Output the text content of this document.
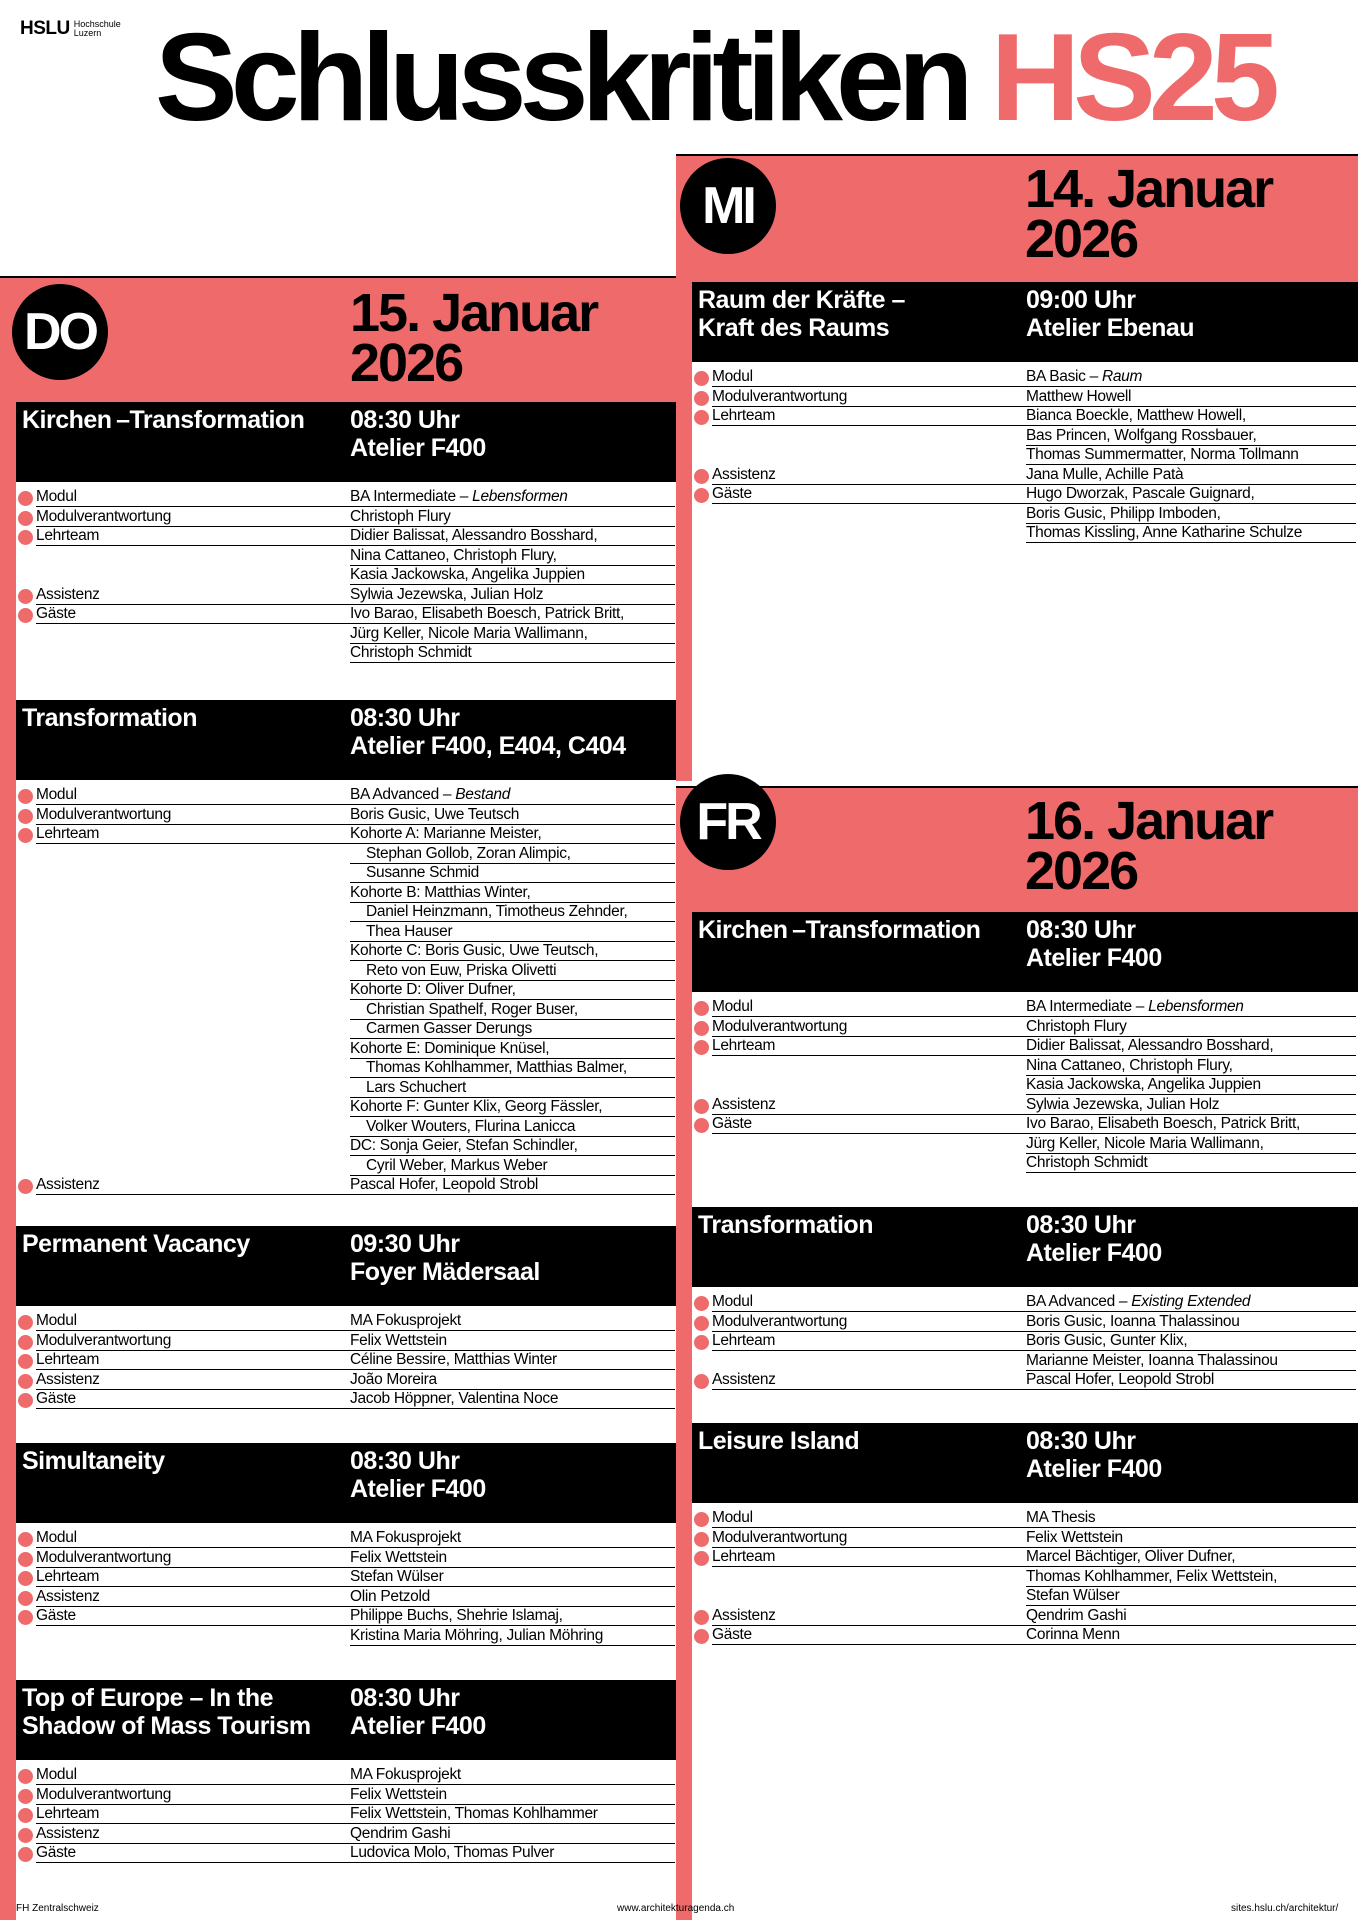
HSLU Hochschule
Luzern Schlusskritiken HS25
DO	15. Januar
2026
Kirchen –Transformation 08:30 Uhr
Atelier F400
Modul	BA Intermediate – Lebensformen
Modulverantwortung	Christoph Flury
Lehrteam	Didier Balissat, Alessandro Bosshard,
Nina Cattaneo, Christoph Flury,
Kasia Jackowska, Angelika Juppien
Assistenz	Sylwia Jezewska, Julian Holz
Gäste	Ivo Barao, Elisabeth Boesch, Patrick Britt,
Jürg Keller, Nicole Maria Wallimann,
Christoph Schmidt
Transformation	08:30 Uhr
Atelier F400, E404, C404
Modul	BA Advanced – Bestand
Modulverantwortung	Boris Gusic, Uwe Teutsch
Lehrteam	Kohorte A: Marianne Meister,
Stephan Gollob, Zoran Alimpic,
Susanne Schmid
Kohorte B: Matthias Winter,
Daniel Heinzmann, Timotheus Zehnder,
Thea Hauser
Kohorte C: Boris Gusic, Uwe Teutsch,
Reto von Euw, Priska Olivetti
Kohorte D: Oliver Dufner,
Christian Spathelf, Roger Buser,
Carmen Gasser Derungs
Kohorte E: Dominique Knüsel,
Thomas Kohlhammer, Matthias Balmer,
Lars Schuchert
Kohorte F: Gunter Klix, Georg Fässler,
Volker Wouters, Flurina Lanicca
DC: Sonja Geier, Stefan Schindler,
Cyril Weber, Markus Weber
Assistenz	Pascal Hofer, Leopold Strobl
Permanent Vacancy	09:30 Uhr
Foyer Mädersaal
Modul	MA Fokusprojekt
Modulverantwortung	Felix Wettstein
Lehrteam	Céline Bessire, Matthias Winter
Assistenz	João Moreira
Gäste	Jacob Höppner, Valentina Noce
Simultaneity	08:30 Uhr
Atelier F400
Modul	MA Fokusprojekt
Modulverantwortung	Felix Wettstein
Lehrteam	Stefan Wülser
Assistenz	Olin Petzold
Gäste	Philippe Buchs, Shehrie Islamaj,
Kristina Maria Möhring, Julian Möhring
Top of Europe – In the
Shadow of Mass Tourism
08:30 Uhr
Atelier F400
Modul	MA Fokusprojekt
Modulverantwortung	Felix Wettstein
Lehrteam	Felix Wettstein, Thomas Kohlhammer
Assistenz	Qendrim Gashi
Gäste	Ludovica Molo, Thomas Pulver
MI	14. Januar
2026
Raum der Kräfte –
Kraft des Raums
09:00 Uhr
Atelier Ebenau
Modul	BA Basic – Raum
Modulverantwortung	Matthew Howell
Lehrteam	Bianca Boeckle, Matthew Howell,
Bas Princen, Wolfgang Rossbauer,
Thomas Summermatter, Norma Tollmann
Assistenz	Jana Mulle, Achille Patà
Gäste	Hugo Dworzak, Pascale Guignard,
Boris Gusic, Philipp Imboden,
Thomas Kissling, Anne Katharine Schulze
FR	16. Januar
2026
Kirchen –Transformation 08:30 Uhr
Atelier F400
Modul	BA Intermediate – Lebensformen
Modulverantwortung	Christoph Flury
Lehrteam	Didier Balissat, Alessandro Bosshard,
Nina Cattaneo, Christoph Flury,
Kasia Jackowska, Angelika Juppien
Assistenz	Sylwia Jezewska, Julian Holz
Gäste	Ivo Barao, Elisabeth Boesch, Patrick Britt,
Jürg Keller, Nicole Maria Wallimann,
Christoph Schmidt
Transformation	08:30 Uhr
Atelier F400
Modul	BA Advanced – Existing Extended
Modulverantwortung	Boris Gusic, Ioanna Thalassinou
Lehrteam	Boris Gusic, Gunter Klix,
Marianne Meister, Ioanna Thalassinou
Assistenz	Pascal Hofer, Leopold Strobl
Leisure Island	08:30 Uhr
Atelier F400
Modul	MA Thesis
Modulverantwortung	Felix Wettstein
Lehrteam	Marcel Bächtiger, Oliver Dufner,
Thomas Kohlhammer, Felix Wettstein,
Stefan Wülser
Assistenz	Qendrim Gashi
Gäste	Corinna Menn
FH Zentralschweiz	www.architekturagenda.ch	sites.hslu.ch/architektur/
